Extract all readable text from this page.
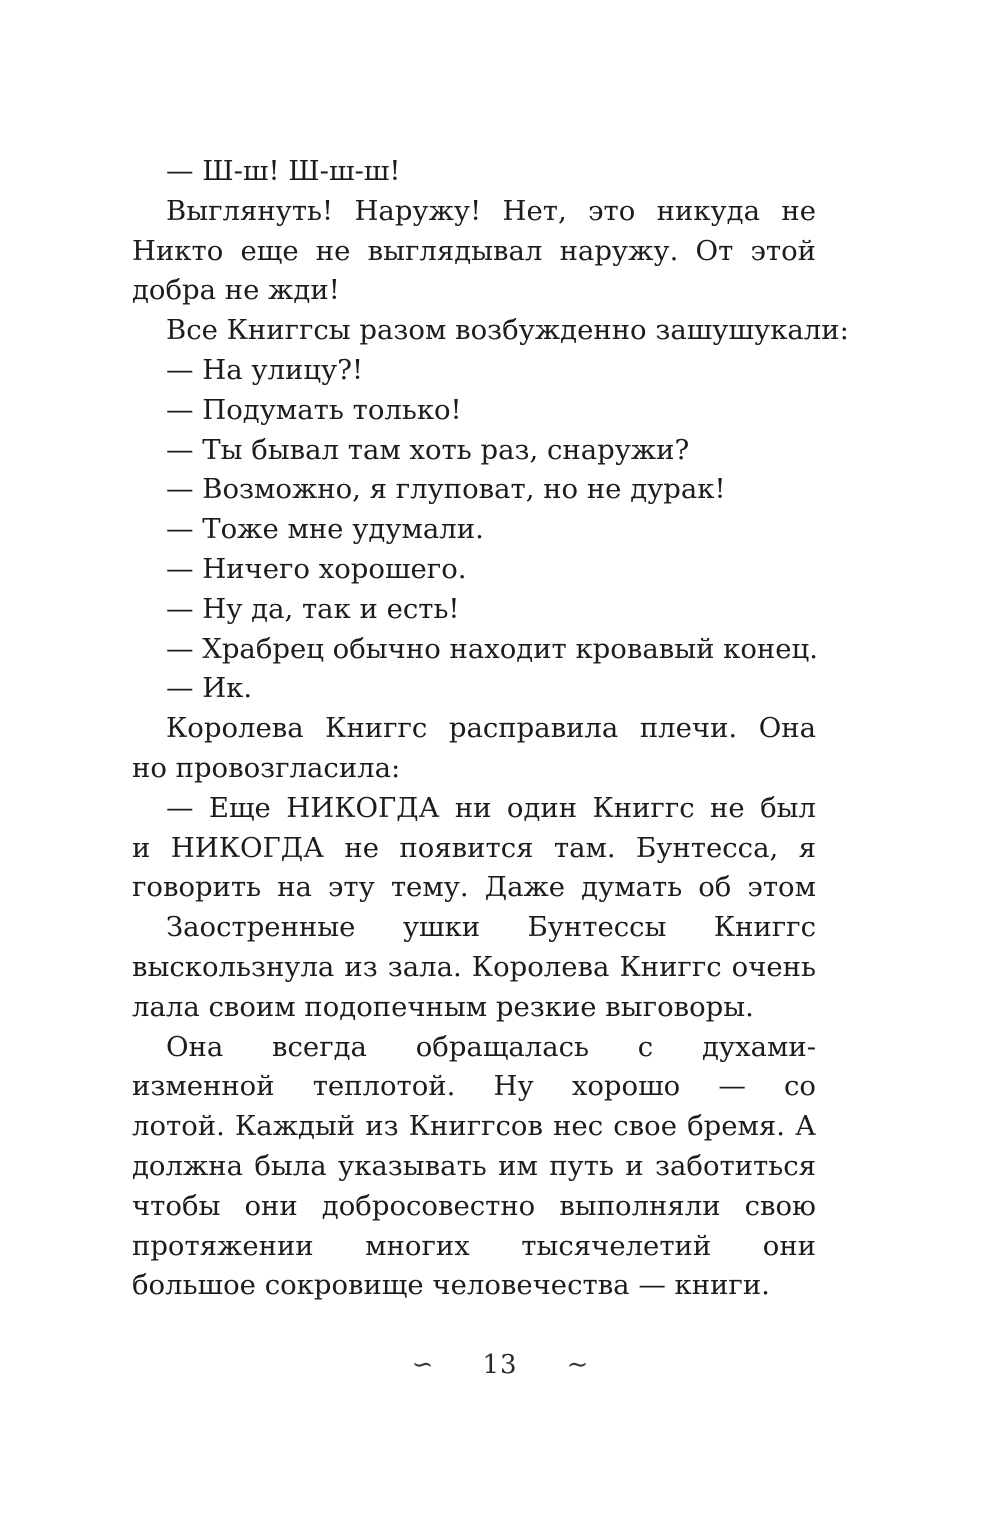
— Ш-ш! Ш-ш-ш!
Выглянуть! Наружу! Нет, это никуда не
Никто еще не выглядывал наружу. От этой
добра не жди!
Все Книггсы разом возбужденно зашушукали:
— На улицу?!
— Подумать только!
— Ты бывал там хоть раз, снаружи?
— Возможно, я глуповат, но не дурак!
— Тоже мне удумали.
— Ничего хорошего.
— Ну да, так и есть!
— Храбрец обычно находит кровавый конец.
— Ик.
Королева Книггс расправила плечи. Она
но провозгласила:
— Еще НИКОГДА ни один Книггс не был
и НИКОГДА не появится там. Бунтесса, я
говорить на эту тему. Даже думать об этом
Заостренные ушки Бунтессы Книггс
выскользнула из зала. Королева Книггс очень
лала своим подопечным резкие выговоры.
Она всегда обращалась с духами-
изменной теплотой. Ну хорошо — со
лотой. Каждый из Книггсов нес свое бремя. А
должна была указывать им путь и заботиться
чтобы они добросовестно выполняли свою
протяжении многих тысячелетий они
большое сокровище человечества — книги.
∽ 13 ∼
